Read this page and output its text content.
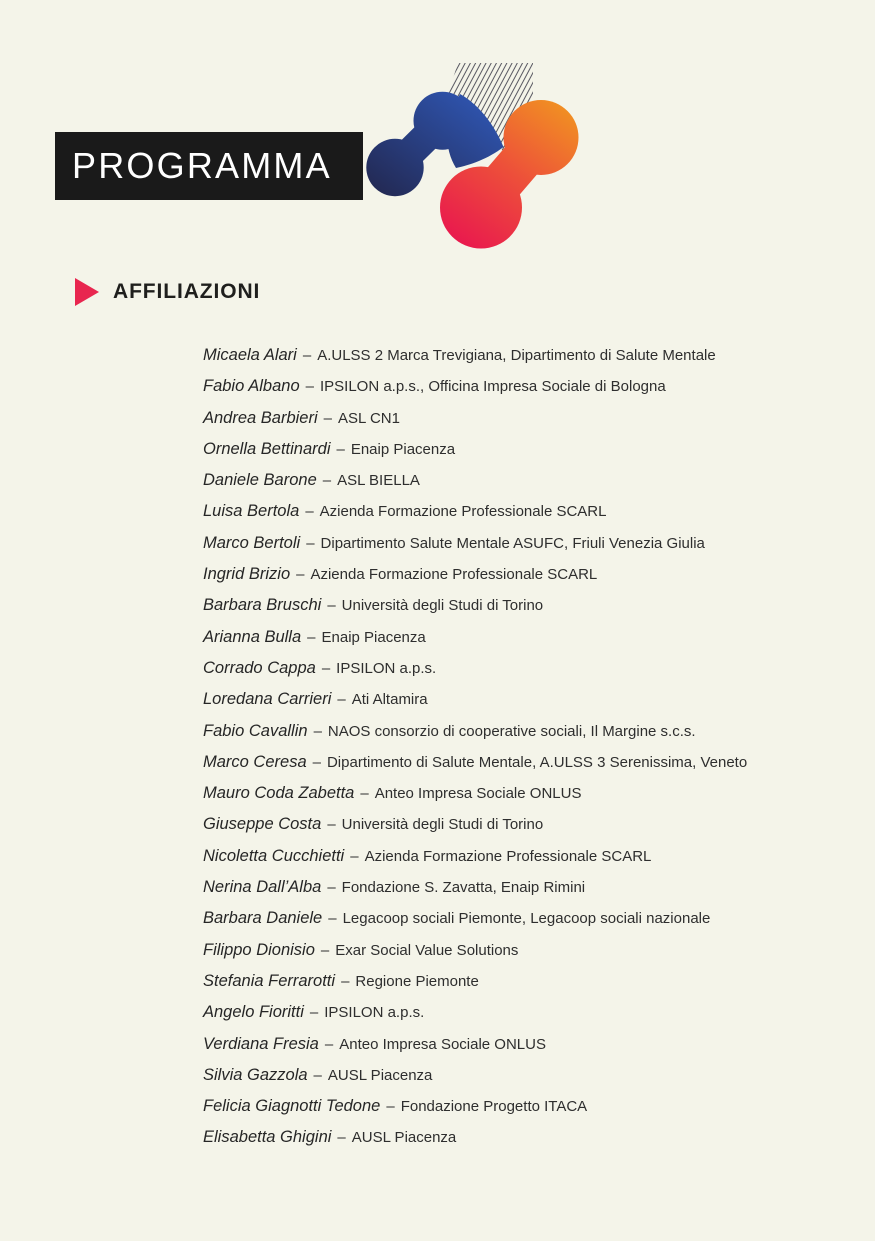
PROGRAMMA
AFFILIAZIONI
Micaela Alari – A.ULSS 2 Marca Trevigiana, Dipartimento di Salute Mentale
Fabio Albano – IPSILON a.p.s., Officina Impresa Sociale di Bologna
Andrea Barbieri – ASL CN1
Ornella Bettinardi – Enaip Piacenza
Daniele Barone – ASL BIELLA
Luisa Bertola – Azienda Formazione Professionale SCARL
Marco Bertoli – Dipartimento Salute Mentale ASUFC, Friuli Venezia Giulia
Ingrid Brizio – Azienda Formazione Professionale SCARL
Barbara Bruschi – Università degli Studi di Torino
Arianna Bulla – Enaip Piacenza
Corrado Cappa – IPSILON a.p.s.
Loredana Carrieri – Ati Altamira
Fabio Cavallin – NAOS consorzio di cooperative sociali, Il Margine s.c.s.
Marco Ceresa – Dipartimento di Salute Mentale, A.ULSS 3 Serenissima, Veneto
Mauro Coda Zabetta – Anteo Impresa Sociale ONLUS
Giuseppe Costa – Università degli Studi di Torino
Nicoletta Cucchietti – Azienda Formazione Professionale SCARL
Nerina Dall’Alba – Fondazione S. Zavatta, Enaip Rimini
Barbara Daniele – Legacoop sociali Piemonte, Legacoop sociali nazionale
Filippo Dionisio – Exar Social Value Solutions
Stefania Ferrarotti – Regione Piemonte
Angelo Fioritti – IPSILON a.p.s.
Verdiana Fresia – Anteo Impresa Sociale ONLUS
Silvia Gazzola – AUSL Piacenza
Felicia Giagnotti Tedone – Fondazione Progetto ITACA
Elisabetta Ghigini – AUSL Piacenza
